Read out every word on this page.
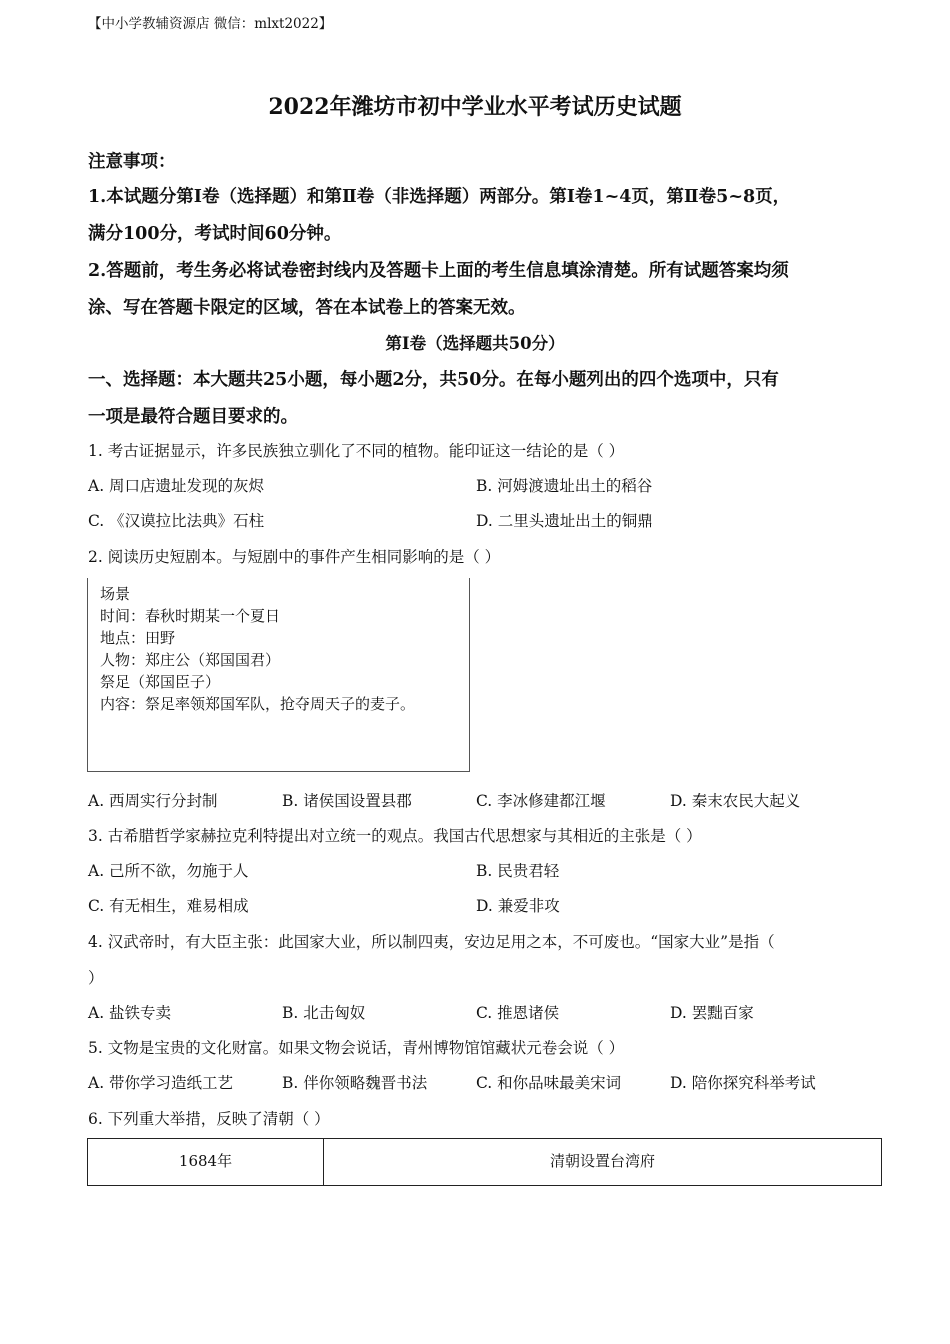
【中小学教辅资源店 微信：mlxt2022】
2022年潍坊市初中学业水平考试历史试题
注意事项：
1.本试题分第Ⅰ卷（选择题）和第Ⅱ卷（非选择题）两部分。第Ⅰ卷1~4页，第Ⅱ卷5~8页，
满分100分，考试时间60分钟。
2.答题前，考生务必将试卷密封线内及答题卡上面的考生信息填涂清楚。所有试题答案均须
涂、写在答题卡限定的区域，答在本试卷上的答案无效。
第Ⅰ卷（选择题共50分）
一、选择题：本大题共25小题，每小题2分，共50分。在每小题列出的四个选项中，只有
一项是最符合题目要求的。
1. 考古证据显示，许多民族独立驯化了不同的植物。能印证这一结论的是（ ）
A. 周口店遗址发现的灰烬	B. 河姆渡遗址出土的稻谷
C. 《汉谟拉比法典》石柱	D. 二里头遗址出土的铜鼎
2. 阅读历史短剧本。与短剧中的事件产生相同影响的是（ ）
场景
时间：春秋时期某一个夏日
地点：田野
人物：郑庄公（郑国国君）
祭足（郑国臣子）
内容：祭足率领郑国军队，抢夺周天子的麦子。
A. 西周实行分封制	B. 诸侯国设置县郡	C. 李冰修建都江堰	D. 秦末农民大起义
3. 古希腊哲学家赫拉克利特提出对立统一的观点。我国古代思想家与其相近的主张是（ ）
A. 己所不欲，勿施于人	B. 民贵君轻
C. 有无相生，难易相成	D. 兼爱非攻
4. 汉武帝时，有大臣主张：此国家大业，所以制四夷，安边足用之本，不可废也。“国家大业”是指（
）
A. 盐铁专卖	B. 北击匈奴	C. 推恩诸侯	D. 罢黜百家
5. 文物是宝贵的文化财富。如果文物会说话，青州博物馆馆藏状元卷会说（ ）
A. 带你学习造纸工艺	B. 伴你领略魏晋书法	C. 和你品味最美宋词	D. 陪你探究科举考试
6. 下列重大举措，反映了清朝（ ）
1684年	清朝设置台湾府
